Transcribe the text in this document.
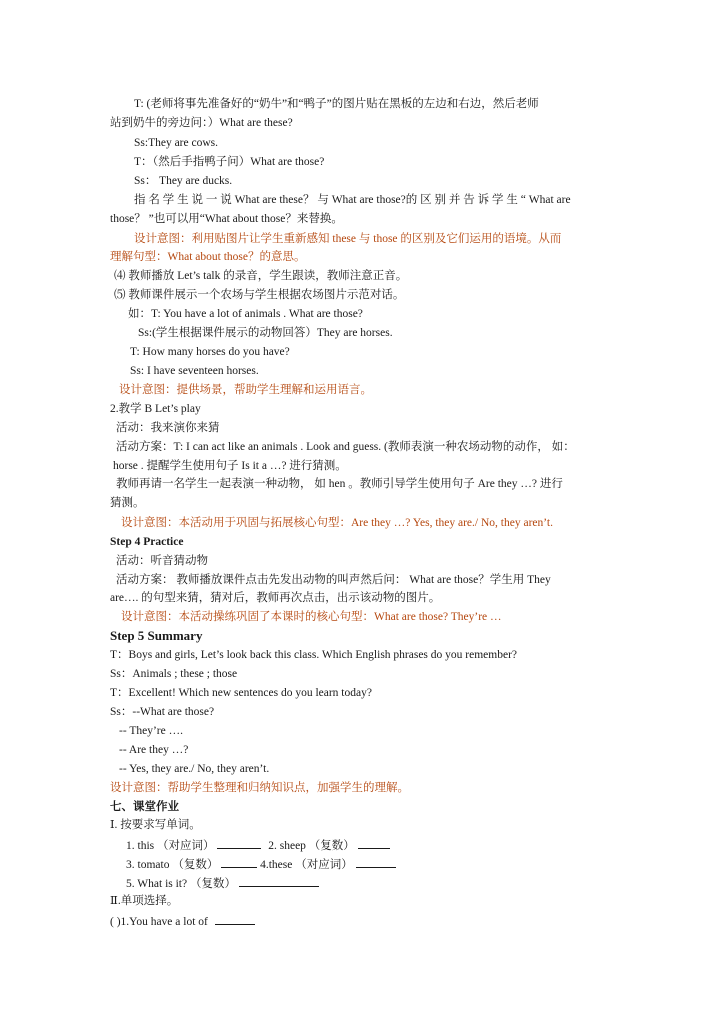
T: (老师将事先准备好的“奶牛”和“鸭子”的图片贴在黑板的左边和右边，然后老师
站到奶牛的旁边问：）What are these?
Ss:They are cows.
T：（然后手指鸭子问）What are those?
Ss： They are ducks.
指 名 学 生 说 一 说 What are these？ 与 What are those?的 区 别 并 告 诉 学 生 “ What are
those？ ”也可以用“What about those？来替换。
设计意图：利用贴图片让学生重新感知 these 与 those 的区别及它们运用的语境。从而
理解句型：What about those？的意思。
⑷ 教师播放 Let’s talk 的录音，学生跟读，教师注意正音。
⑸ 教师课件展示一个农场与学生根据农场图片示范对话。
如：T: You have a lot of animals . What are those?
Ss:(学生根据课件展示的动物回答）They are horses.
T: How many horses do you have?
Ss: I have seventeen horses.
设计意图：提供场景，帮助学生理解和运用语言。
2.教学 B Let’s play
活动：我来演你来猜
活动方案：T: I can act like an animals . Look and guess. (教师表演一种农场动物的动作， 如：
horse . 提醒学生使用句子 Is it a …? 进行猜测。
教师再请一名学生一起表演一种动物， 如 hen 。教师引导学生使用句子 Are they …? 进行
猜测。
设计意图：本活动用于巩固与拓展核心句型：Are they …? Yes, they are./ No, they aren’t.
Step 4 Practice
活动：听音猜动物
活动方案： 教师播放课件点击先发出动物的叫声然后问： What are those？学生用 They
are…. 的句型来猜，猜对后，教师再次点击，出示该动物的图片。
设计意图：本活动操练巩固了本课时的核心句型：What are those? They’re …
Step 5 Summary
T：Boys and girls, Let’s look back this class. Which English phrases do you remember?
Ss：Animals ; these ; those
T：Excellent! Which new sentences do you learn today?
Ss：--What are those?
-- They’re ….
-- Are they …?
-- Yes, they are./ No, they aren’t.
设计意图：帮助学生整理和归纳知识点，加强学生的理解。
七、课堂作业
Ⅰ. 按要求写单词。
1. this （对应词）	2. sheep （复数）
3. tomato （复数）	4.these （对应词）
5. What is it? （复数）
Ⅱ.单项选择。
( )1.You have a lot of
